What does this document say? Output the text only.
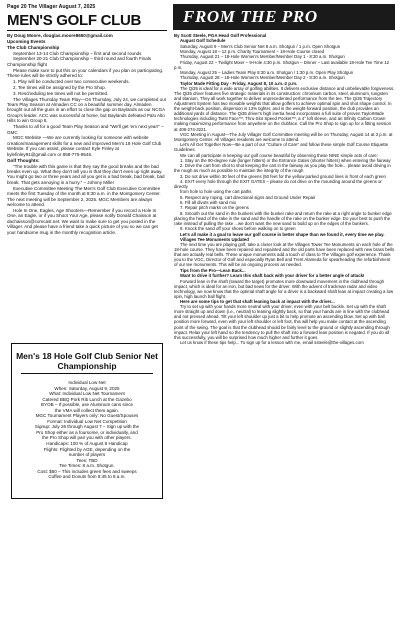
Page 20 The Villager August 7, 2025
MEN'S GOLF CLUB

By Doug Moore, douglas.moore8650@gmail.com

Upcoming Events

The Club Championship

September 13-14 Club Championship – first and second rounds

September 20-21 Club Championship – third round and fourth Finals Championship flight

Please make sure to put this on your calendars if you plan on participating. These rules will be strictly adhered to:

1. Play will be conducted over two consecutive weekends.

2. Tee times will be assigned by the Pro Shop.

3. Rescheduling tee times will not be permitted.

The Villages Thursday Team Play—On Thursday, July 24, we completed our Team Play Season at Almaden CC on a beautiful summer day. Almaden brought out all the guns in an effort to close the gap on Baylands as our NCGA Group's leader. ACC was successful at home, but Baylands defeated Palo Alto Hills to win Group 8.

Thanks to all for a good Team Play Season and "We'll get 'em next year!" –GMC

MGC Website —We are currently looking for someone with website creation/management skills for a new and improved Men's 18 Hole Golf Club Website. If you can assist, please contact Kyle Finley at kylefinley91@gmail.com or 858-775-9546.

Golf Thoughts:

"The trouble with this game is that they say the good breaks and the bad breaks even up. What they don't tell you is that they don't even up right away. You might go two or three years and all you get is a bad break, bad break, bad break. That gets annoying in a hurry." – Johnny Miller

Executive Committee Meeting The Men's Golf Club Executive Committee meets the first Tuesday of the month at 8:30 a.m. in the Montgomery Center. The next meeting will be September 2, 2025. MGC Members are always welcome to attend.

Hole In One, Eagles, Age Shooters—Remember if you record a Hole In One, an Eagle, or if you Shoot Your Age, please notify Donald Chaisson at dachaisson@comcast.net. We want to make sure to get you posted in the Villager. And please have a friend take a quick picture of you so we can get your handsome mug in the monthly recognition article.

Men's 18 Hole Golf Club Senior Net Championship
Individual Low Net
When: Saturday, August 9, 2025
What: Individual Low Net Tournament
Catered BBQ Pork Rib Lunch at the Gazebo
BYOB – If possible, use Aluminum cans since
the VMA will collect them again.
MGC Tournament Players only: No Guest/Spouses
Format: Individual Low Net Competition
Signup: July 26 through August 7 – Sign up with the
Pro Shop either as a foursome, or individually, and
the Pro Shop will pair you with other players.
Handicaps: 100 % of August 8 Handicap
Flights: Flighted by AGE, depending on the
number of players
Tees: TBD
Tee Times: 8 a.m. Shotgun.
Cost: $50 – This includes green fees and sweeps
Coffee and Donuts from 8:45 to 8 a.m.
FROM THE PRO

By Scott Steele, PGA Head Golf Professional

August Golf Schedule

Saturday, August 9 – Men's Club Senior Net 8 a.m. Shotgun / 1 p.m. Open Shotgun

Monday, August 18 – 12 p.m. Charity Tournament – 18-Hole Course closed

Thursday, August 21 – 18-Hole Women's Member/Member Day 1 - 8:30 a.m. Shotgun

Friday, August 22 – Twilight Mixer – 9-Hole 4:30 p.m. Shotgun – Dinner – Last available 18-Hole Tee Time 12 p.m.

Monday, August 25 – Ladies Team Play 8:30 a.m. Shotgun / 1:30 p.m. Open Play Shotgun

Thursday, August 28 – 18-Hole Women's Member/Member Day 2 - 8:30 a.m. Shotgun

Taylor Made Fitting Day - Friday, August 8, 10 a.m.-2 p.m.

The Qi35 is ideal for a wide array of golfing abilities. It delivers exclusive distance and unbelievable forgiveness. The Qi35 driver features five strategic materials in its construction: chromium carbon, steel, aluminum, tungsten and titanium. They all work together to deliver unprecedented performance from the tee. The Qi35 Trajectory Adjustment System has two movable weights that allow golfers to achieve optimal spin and shot shape control. In the weight-back position, dispersion is 13% tighter, and in the weight-forward position, the club provides an additional yards of distance. The Qi35 driver's high inertia head incorporates a full suite of proven TaylorMade technologies including Twist Face™, Thru-Slot Speed Pocket™, a 4° loft sleeve, and an Infinity Carbon Crown making maximizing performance from anywhere on the clubface. Call the Pro Shop to sign up for a fitting session at 408-274-3221.

VGC Meeting in August—The July Villager Golf Committee meeting will be on Thursday, August 14 at 3 p.m. at Montgomery Center. All Villages residents are welcome to attend.

Let's All Get Together Now—Be a part of our "Culture of Care" and follow these simple Golf Course Etiquette Guidelines.

We can all participate in keeping our golf course beautiful by observing these NINE simple acts of care:

1. Stay on the 90-degree rule (longer hitters) or the Entrance Gates (shorter hitters) when entering the fairway

2. Drive the cart from shot to shot keeping the cart in the fairway as you play the hole... please avoid driving in the rough as much as possible to maintain the integrity of the rough

3. Do not drive within 30 feet of the greens (50 feet for the yellow parked ground lines in front of each green

4. EXIT every hole through the EXIT GATES – please do not drive on the mounding around the greens or directly

from hole to hole using the cart paths

5. Respect any roping, cart directional signs and Ground Under Repair

6. Fill all divots with sand mix

7. Repair pitch marks on the greens

8. Smooth out the sand in the bunkers with the bunker rake and return the rake at a right angle to bunker edge placing the head of the rake in the sand and the handle of the rake on the bunker edge. Do your best to push the rake instead of pulling the rake ...we don't want the new sand to build up on the edges of the bunkers.

9. Knock the sand off your shoes before walking on to green

Let's all make it a goal to leave our golf course in better shape than we found it, every time we play.

Villages Tee Monuments Updated

The next time you are playing golf, take a closer look at the Villages Tower Tee Monuments on each hole of the 18-hole course. They have been repaired and repainted and the old parts have been replaced with new brass bells that are actually real bells. These unique monuments add a touch of class to The Villages golf experience. Thank you to the VGC, Director of Golf and especially Ryan Bell and Trent Alameda for spearheading the refurbishment of our tee monuments. This will be an ongoing process as needed.

Tips from the Pro—Lean Back...

Want to drive it further? Learn this shaft back with your driver for a better angle of attack!

Forward lean in the shaft (toward the target) promotes more downward movement in the clubhead through impact, which is ideal for an iron, but bad news for the driver. With the advent of trackman radar and video technology, we now know that the optimal shaft angle for a driver is a backward shaft lean at impact creating a low spin, high launch ball flight.

Here are some tips to get that shaft leaning back at impact with the driver...

Try to set up with your hands more neutral with your driver, even with your belt buckle. Set up with the shaft more straight up and down (i.e., neutral) to leaning slightly back, so that your hands are in line with the clubhead and not pressed ahead. Tilt your left shoulder up just a bit to help promote an ascending blow. Set up with ball position more forward, even with your left shoulder or left foot, this will help you make contact at the ascending point of the swing. The goal is that the clubhead should be fairly level to the ground or slightly ascending through impact. Relax your left hand so the tendency to pull the shaft into a forward lean position is negated. If you do all this successfully, you will be surprised how much higher and further it goes.

Let us know if these tips help... To sign up for a lesson with me, email ssteele@the-villages.com
